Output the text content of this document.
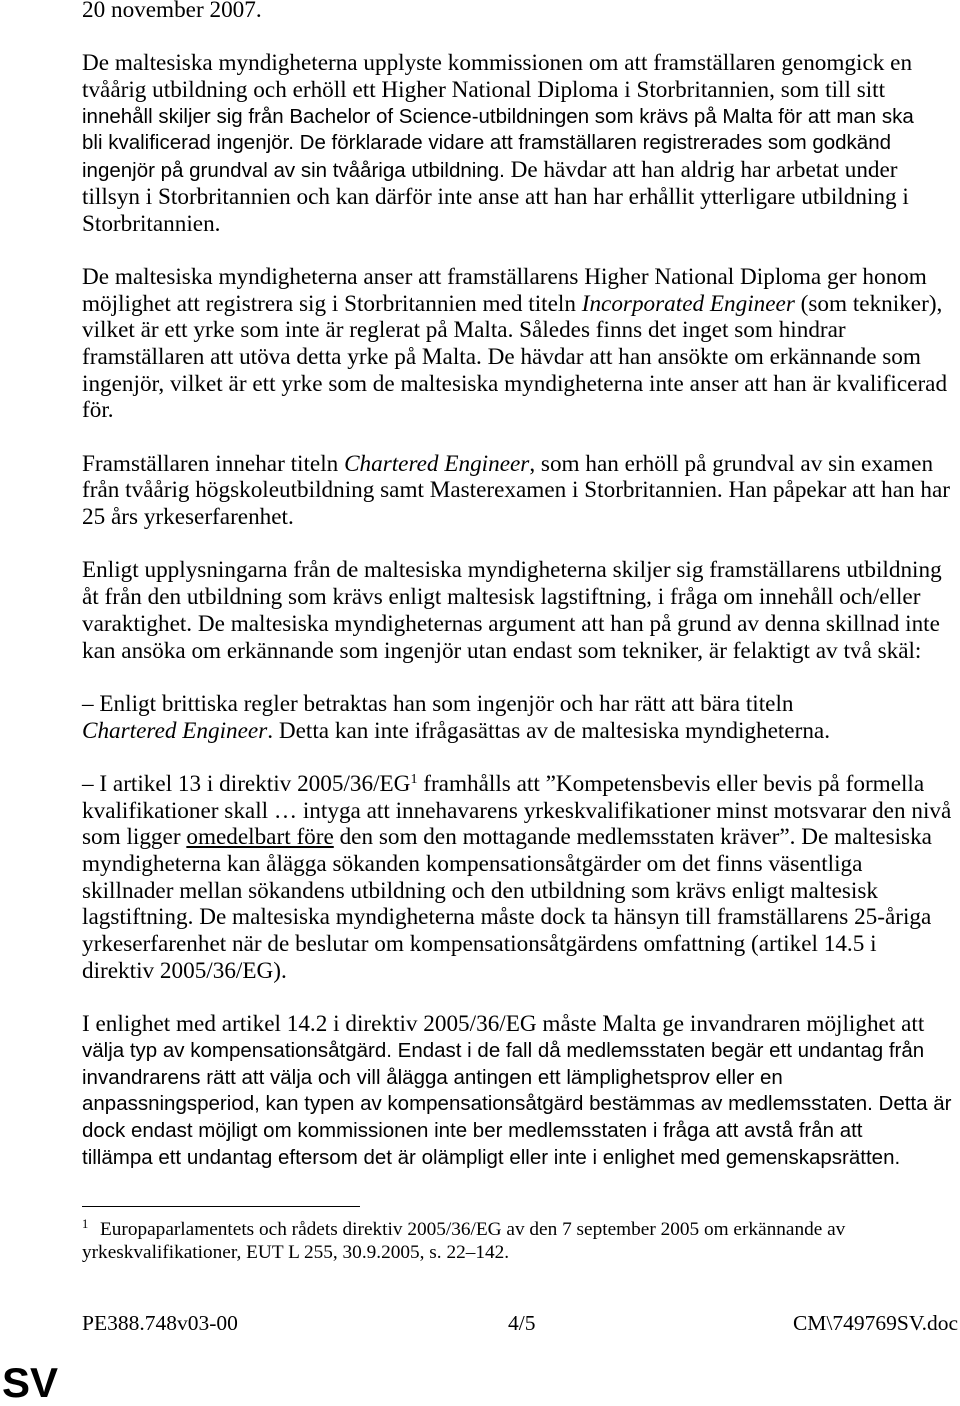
20 november 2007.
De maltesiska myndigheterna upplyste kommissionen om att framställaren genomgick en
tvåårig utbildning och erhöll ett Higher National Diploma i Storbritannien, som till sitt
innehåll skiljer sig från Bachelor of Science-utbildningen som krävs på Malta för att man ska
bli kvalificerad ingenjör. De förklarade vidare att framställaren registrerades som godkänd
ingenjör på grundval av sin tvååriga utbildning. De hävdar att han aldrig har arbetat under
tillsyn i Storbritannien och kan därför inte anse att han har erhållit ytterligare utbildning i
Storbritannien.
De maltesiska myndigheterna anser att framställarens Higher National Diploma ger honom
möjlighet att registrera sig i Storbritannien med titeln Incorporated Engineer (som tekniker),
vilket är ett yrke som inte är reglerat på Malta. Således finns det inget som hindrar
framställaren att utöva detta yrke på Malta. De hävdar att han ansökte om erkännande som
ingenjör, vilket är ett yrke som de maltesiska myndigheterna inte anser att han är kvalificerad
för.
Framställaren innehar titeln Chartered Engineer, som han erhöll på grundval av sin examen
från tvåårig högskoleutbildning samt Masterexamen i Storbritannien. Han påpekar att han har
25 års yrkeserfarenhet.
Enligt upplysningarna från de maltesiska myndigheterna skiljer sig framställarens utbildning
åt från den utbildning som krävs enligt maltesisk lagstiftning, i fråga om innehåll och/eller
varaktighet. De maltesiska myndigheternas argument att han på grund av denna skillnad inte
kan ansöka om erkännande som ingenjör utan endast som tekniker, är felaktigt av två skäl:
– Enligt brittiska regler betraktas han som ingenjör och har rätt att bära titeln
Chartered Engineer. Detta kan inte ifrågasättas av de maltesiska myndigheterna.
– I artikel 13 i direktiv $2005/36/EG^1$ framhålls att ”Kompetensbevis eller bevis på formella
kvalifikationer skall … intyga att innehavarens yrkeskvalifikationer minst motsvarar den nivå
som ligger omedelbart före den som den mottagande medlemsstaten kräver”. De maltesiska
myndigheterna kan ålägga sökanden kompensationsåtgärder om det finns väsentliga
skillnader mellan sökandens utbildning och den utbildning som krävs enligt maltesisk
lagstiftning. De maltesiska myndigheterna måste dock ta hänsyn till framställarens 25-åriga
yrkeserfarenhet när de beslutar om kompensationsåtgärdens omfattning (artikel 14.5 i
direktiv 2005/36/EG).
I enlighet med artikel 14.2 i direktiv 2005/36/EG måste Malta ge invandraren möjlighet att
välja typ av kompensationsåtgärd. Endast i de fall då medlemsstaten begär ett undantag från
invandrarens rätt att välja och vill ålägga antingen ett lämplighetsprov eller en
anpassningsperiod, kan typen av kompensationsåtgärd bestämmas av medlemsstaten. Detta är
dock endast möjligt om kommissionen inte ber medlemsstaten i fråga att avstå från att
tillämpa ett undantag eftersom det är olämpligt eller inte i enlighet med gemenskapsrätten.
1 Europaparlamentets och rådets direktiv 2005/36/EG av den 7 september 2005 om erkännande av
yrkeskvalifikationer, EUT L 255, 30.9.2005, s. 22–142.
PE388.748v03-00	4/5	CM\749769SV.doc
SV
